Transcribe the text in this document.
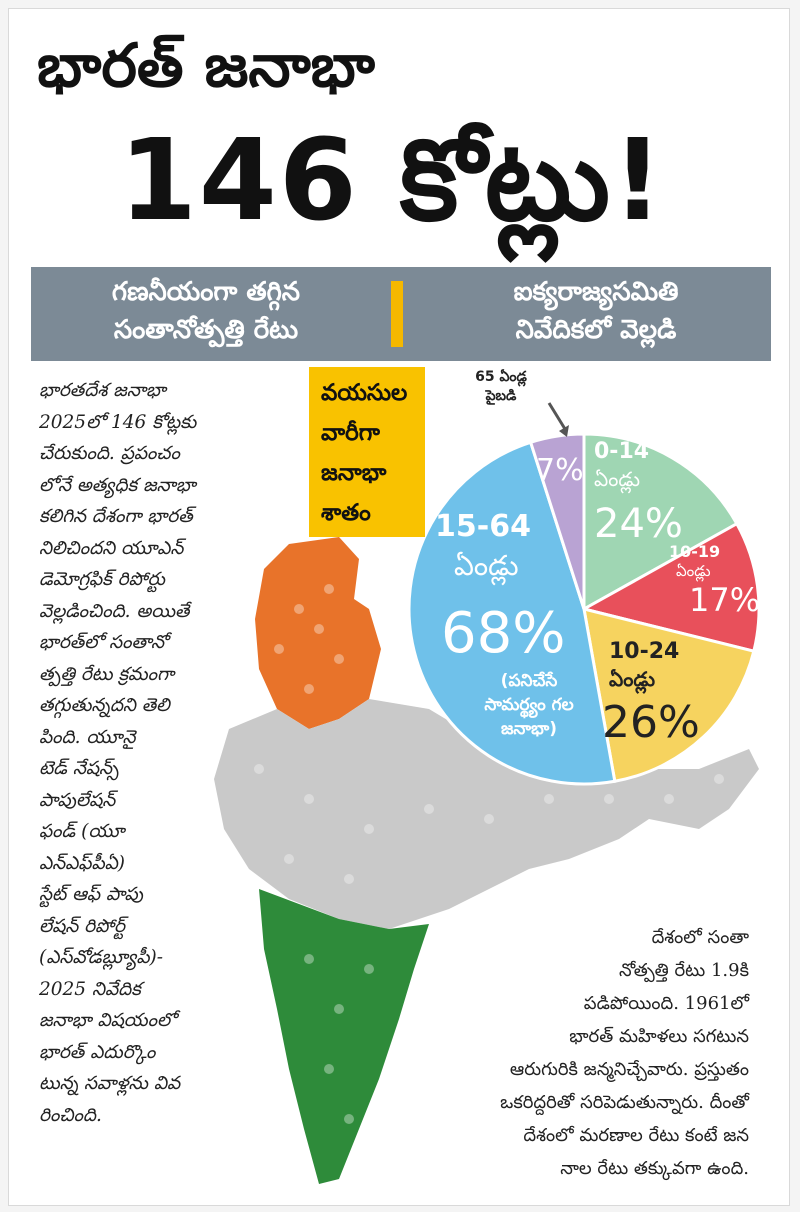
భారత్ జనాభా
146 కోట్లు!
గణనీయంగా తగ్గిన
సంతానోత్పత్తి రేటు
ఐక్యరాజ్యసమితి
నివేదికలో వెల్లడి
వయసుల
వారీగా
జనాభా
శాతం
65 ఏండ్ల
పైబడి
7%
0-14
ఏండ్లు
24%
10-19
ఏండ్లు
17%
10-24
ఏండ్లు
26%
15-64
ఏండ్లు
68%
(పనిచేసే
సామర్థ్యం గల
జనాభా)
భారతదేశ జనాభా
2025లో 146 కోట్లకు
చేరుకుంది. ప్రపంచం
లోనే అత్యధిక జనాభా
కలిగిన దేశంగా భారత్
నిలిచిందని యూఎన్
డెమోగ్రఫిక్ రిపోర్టు
వెల్లడించింది. అయితే
భారత్‌లో సంతానో
త్పత్తి రేటు క్రమంగా
తగ్గుతున్నదని తెలి
పింది. యూనై
టెడ్ నేషన్స్
పాపులేషన్
ఫండ్ (యూ
ఎన్ఎఫ్‌పీఏ)
స్టేట్ ఆఫ్ పాపు
లేషన్ రిపోర్ట్
(ఎస్‌వోడబ్ల్యూపీ)-
2025 నివేదిక
జనాభా విషయంలో
భారత్ ఎదుర్కొం
టున్న సవాళ్లను వివ
రించింది.
దేశంలో సంతా
నోత్పత్తి రేటు 1.9కి
పడిపోయింది. 1961లో
భారత్ మహిళలు సగటున
ఆరుగురికి జన్మనిచ్చేవారు. ప్రస్తుతం
ఒకరిద్దరితో సరిపెడుతున్నారు. దీంతో
దేశంలో మరణాల రేటు కంటే జన
నాల రేటు తక్కువగా ఉంది.
